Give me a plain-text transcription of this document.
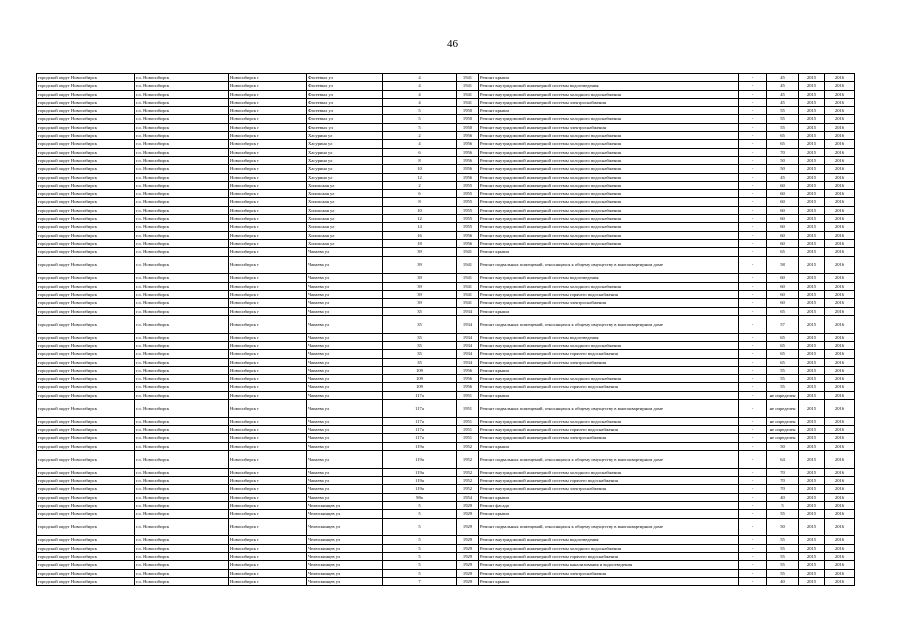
46
городской округ Новосибирск	г.о. Новосибирск	Новосибирск г	Фасеевых ул	4	1941	Ремонт крыши	-	45	2015	2016
городской округ Новосибирск	г.о. Новосибирск	Новосибирск г	Фасеевых ул	4	1941	Ремонт внутридомовой инженерной системы водоотведения	-	45	2015	2016
городской округ Новосибирск	г.о. Новосибирск	Новосибирск г	Фасеевых ул	4	1941	Ремонт внутридомовой инженерной системы холодного водоснабжения	-	45	2015	2016
городской округ Новосибирск	г.о. Новосибирск	Новосибирск г	Фасеевых ул	4	1941	Ремонт внутридомовой инженерной системы электроснабжения	-	45	2015	2016
городской округ Новосибирск	г.о. Новосибирск	Новосибирск г	Фасеевых ул	5	1950	Ремонт крыши	-	55	2015	2016
городской округ Новосибирск	г.о. Новосибирск	Новосибирск г	Фасеевых ул	5	1950	Ремонт внутридомовой инженерной системы холодного водоснабжения	-	55	2015	2016
городской округ Новосибирск	г.о. Новосибирск	Новосибирск г	Фасеевых ул	5	1950	Ремонт внутридомовой инженерной системы электроснабжения	-	55	2015	2016
городской округ Новосибирск	г.о. Новосибирск	Новосибирск г	Хасурина ул	2	1956	Ремонт внутридомовой инженерной системы холодного водоснабжения	-	65	2015	2016
городской округ Новосибирск	г.о. Новосибирск	Новосибирск г	Хасурина ул	4	1956	Ремонт внутридомовой инженерной системы холодного водоснабжения	-	65	2015	2016
городской округ Новосибирск	г.о. Новосибирск	Новосибирск г	Хасурина ул	6	1956	Ремонт внутридомовой инженерной системы холодного водоснабжения	-	70	2015	2016
городской округ Новосибирск	г.о. Новосибирск	Новосибирск г	Хасурина ул	8	1956	Ремонт внутридомовой инженерной системы холодного водоснабжения	-	50	2015	2016
городской округ Новосибирск	г.о. Новосибирск	Новосибирск г	Хасурина ул	10	1956	Ремонт внутридомовой инженерной системы холодного водоснабжения	-	50	2015	2016
городской округ Новосибирск	г.о. Новосибирск	Новосибирск г	Хасурина ул	12	1956	Ремонт внутридомовой инженерной системы холодного водоснабжения	-	45	2015	2016
городской округ Новосибирск	г.о. Новосибирск	Новосибирск г	Хилокская ул	2	1955	Ремонт внутридомовой инженерной системы холодного водоснабжения	-	60	2015	2016
городской округ Новосибирск	г.о. Новосибирск	Новосибирск г	Хилокская ул	6	1955	Ремонт внутридомовой инженерной системы холодного водоснабжения	-	60	2015	2016
городской округ Новосибирск	г.о. Новосибирск	Новосибирск г	Хилокская ул	8	1955	Ремонт внутридомовой инженерной системы холодного водоснабжения	-	60	2015	2016
городской округ Новосибирск	г.о. Новосибирск	Новосибирск г	Хилокская ул	10	1955	Ремонт внутридомовой инженерной системы холодного водоснабжения	-	60	2015	2016
городской округ Новосибирск	г.о. Новосибирск	Новосибирск г	Хилокская ул	12	1955	Ремонт внутридомовой инженерной системы холодного водоснабжения	-	60	2015	2016
городской округ Новосибирск	г.о. Новосибирск	Новосибирск г	Хилокская ул	14	1955	Ремонт внутридомовой инженерной системы холодного водоснабжения	-	60	2015	2016
городской округ Новосибирск	г.о. Новосибирск	Новосибирск г	Хилокская ул	16	1956	Ремонт внутридомовой инженерной системы холодного водоснабжения	-	60	2015	2016
городской округ Новосибирск	г.о. Новосибирск	Новосибирск г	Хилокская ул	18	1956	Ремонт внутридомовой инженерной системы холодного водоснабжения	-	60	2015	2016
городской округ Новосибирск	г.о. Новосибирск	Новосибирск г	Чапаева ул	39	1941	Ремонт крыши	-	65	2015	2016
городской округ Новосибирск	г.о. Новосибирск	Новосибирск г	Чапаева ул	39	1941	Ремонт подвальных помещений, относящихся к общему имуществу в многоквартирном доме	-	58	2015	2016
городской округ Новосибирск	г.о. Новосибирск	Новосибирск г	Чапаева ул	39	1941	Ремонт внутридомовой инженерной системы водоотведения	-	60	2015	2016
городской округ Новосибирск	г.о. Новосибирск	Новосибирск г	Чапаева ул	39	1941	Ремонт внутридомовой инженерной системы холодного водоснабжения	-	60	2015	2016
городской округ Новосибирск	г.о. Новосибирск	Новосибирск г	Чапаева ул	39	1941	Ремонт внутридомовой инженерной системы горячего водоснабжения	-	60	2015	2016
городской округ Новосибирск	г.о. Новосибирск	Новосибирск г	Чапаева ул	39	1941	Ремонт внутридомовой инженерной системы электроснабжения	-	60	2015	2016
городской округ Новосибирск	г.о. Новосибирск	Новосибирск г	Чапаева ул	35	1934	Ремонт крыши	-	65	2015	2016
городской округ Новосибирск	г.о. Новосибирск	Новосибирск г	Чапаева ул	35	1934	Ремонт подвальных помещений, относящихся к общему имуществу в многоквартирном доме	-	57	2015	2016
городской округ Новосибирск	г.о. Новосибирск	Новосибирск г	Чапаева ул	35	1934	Ремонт внутридомовой инженерной системы водоотведения	-	65	2015	2016
городской округ Новосибирск	г.о. Новосибирск	Новосибирск г	Чапаева ул	35	1934	Ремонт внутридомовой инженерной системы холодного водоснабжения	-	65	2015	2016
городской округ Новосибирск	г.о. Новосибирск	Новосибирск г	Чапаева ул	35	1934	Ремонт внутридомовой инженерной системы горячего водоснабжения	-	65	2015	2016
городской округ Новосибирск	г.о. Новосибирск	Новосибирск г	Чапаева ул	35	1934	Ремонт внутридомовой инженерной системы электроснабжения	-	65	2015	2016
городской округ Новосибирск	г.о. Новосибирск	Новосибирск г	Чапаева ул	109	1956	Ремонт крыши	-	55	2015	2016
городской округ Новосибирск	г.о. Новосибирск	Новосибирск г	Чапаева ул	109	1956	Ремонт внутридомовой инженерной системы холодного водоснабжения	-	55	2015	2016
городской округ Новосибирск	г.о. Новосибирск	Новосибирск г	Чапаева ул	109	1956	Ремонт внутридомовой инженерной системы горячего водоснабжения	-	55	2015	2016
городской округ Новосибирск	г.о. Новосибирск	Новосибирск г	Чапаева ул	117а	1951	Ремонт крыши	-	не определен	2015	2016
городской округ Новосибирск	г.о. Новосибирск	Новосибирск г	Чапаева ул	117а	1951	Ремонт подвальных помещений, относящихся к общему имуществу в многоквартирном доме	-	не определен	2015	2016
городской округ Новосибирск	г.о. Новосибирск	Новосибирск г	Чапаева ул	117а	1951	Ремонт внутридомовой инженерной системы холодного водоснабжения	-	не определен	2015	2016
городской округ Новосибирск	г.о. Новосибирск	Новосибирск г	Чапаева ул	117а	1951	Ремонт внутридомовой инженерной системы горячего водоснабжения	-	не определен	2015	2016
городской округ Новосибирск	г.о. Новосибирск	Новосибирск г	Чапаева ул	117а	1951	Ремонт внутридомовой инженерной системы электроснабжения	-	не определен	2015	2016
городской округ Новосибирск	г.о. Новосибирск	Новосибирск г	Чапаева ул	119а	1952	Ремонт крыши	-	50	2015	2016
городской округ Новосибирск	г.о. Новосибирск	Новосибирск г	Чапаева ул	119а	1952	Ремонт подвальных помещений, относящихся к общему имуществу в многоквартирном доме	-	64	2015	2016
городской округ Новосибирск	г.о. Новосибирск	Новосибирск г	Чапаева ул	119а	1952	Ремонт внутридомовой инженерной системы холодного водоснабжения	-	70	2015	2016
городской округ Новосибирск	г.о. Новосибирск	Новосибирск г	Чапаева ул	119а	1952	Ремонт внутридомовой инженерной системы горячего водоснабжения	-	70	2015	2016
городской округ Новосибирск	г.о. Новосибирск	Новосибирск г	Чапаева ул	119а	1952	Ремонт внутридомовой инженерной системы электроснабжения	-	70	2015	2016
городской округ Новосибирск	г.о. Новосибирск	Новосибирск г	Чапаева ул	98а	1954	Ремонт крыши	-	40	2015	2016
городской округ Новосибирск	г.о. Новосибирск	Новосибирск г	Челюскинцев ул	5	1929	Ремонт фасада	-	5	2015	2016
городской округ Новосибирск	г.о. Новосибирск	Новосибирск г	Челюскинцев ул	5	1929	Ремонт крыши	-	55	2015	2016
городской округ Новосибирск	г.о. Новосибирск	Новосибирск г	Челюскинцев ул	5	1929	Ремонт подвальных помещений, относящихся к общему имуществу в многоквартирном доме	-	50	2015	2016
городской округ Новосибирск	г.о. Новосибирск	Новосибирск г	Челюскинцев ул	5	1929	Ремонт внутридомовой инженерной системы водоотведения	-	55	2015	2016
городской округ Новосибирск	г.о. Новосибирск	Новосибирск г	Челюскинцев ул	5	1929	Ремонт внутридомовой инженерной системы холодного водоснабжения	-	55	2015	2016
городской округ Новосибирск	г.о. Новосибирск	Новосибирск г	Челюскинцев ул	5	1929	Ремонт внутридомовой инженерной системы горячего водоснабжения	-	55	2015	2016
городской округ Новосибирск	г.о. Новосибирск	Новосибирск г	Челюскинцев ул	5	1929	Ремонт внутридомовой инженерной системы канализования и водоотведения	-	55	2015	2016
городской округ Новосибирск	г.о. Новосибирск	Новосибирск г	Челюскинцев ул	5	1929	Ремонт внутридомовой инженерной системы электроснабжения	-	55	2015	2016
городской округ Новосибирск	г.о. Новосибирск	Новосибирск г	Челюскинцев ул	7	1929	Ремонт крыши	-	40	2015	2016
